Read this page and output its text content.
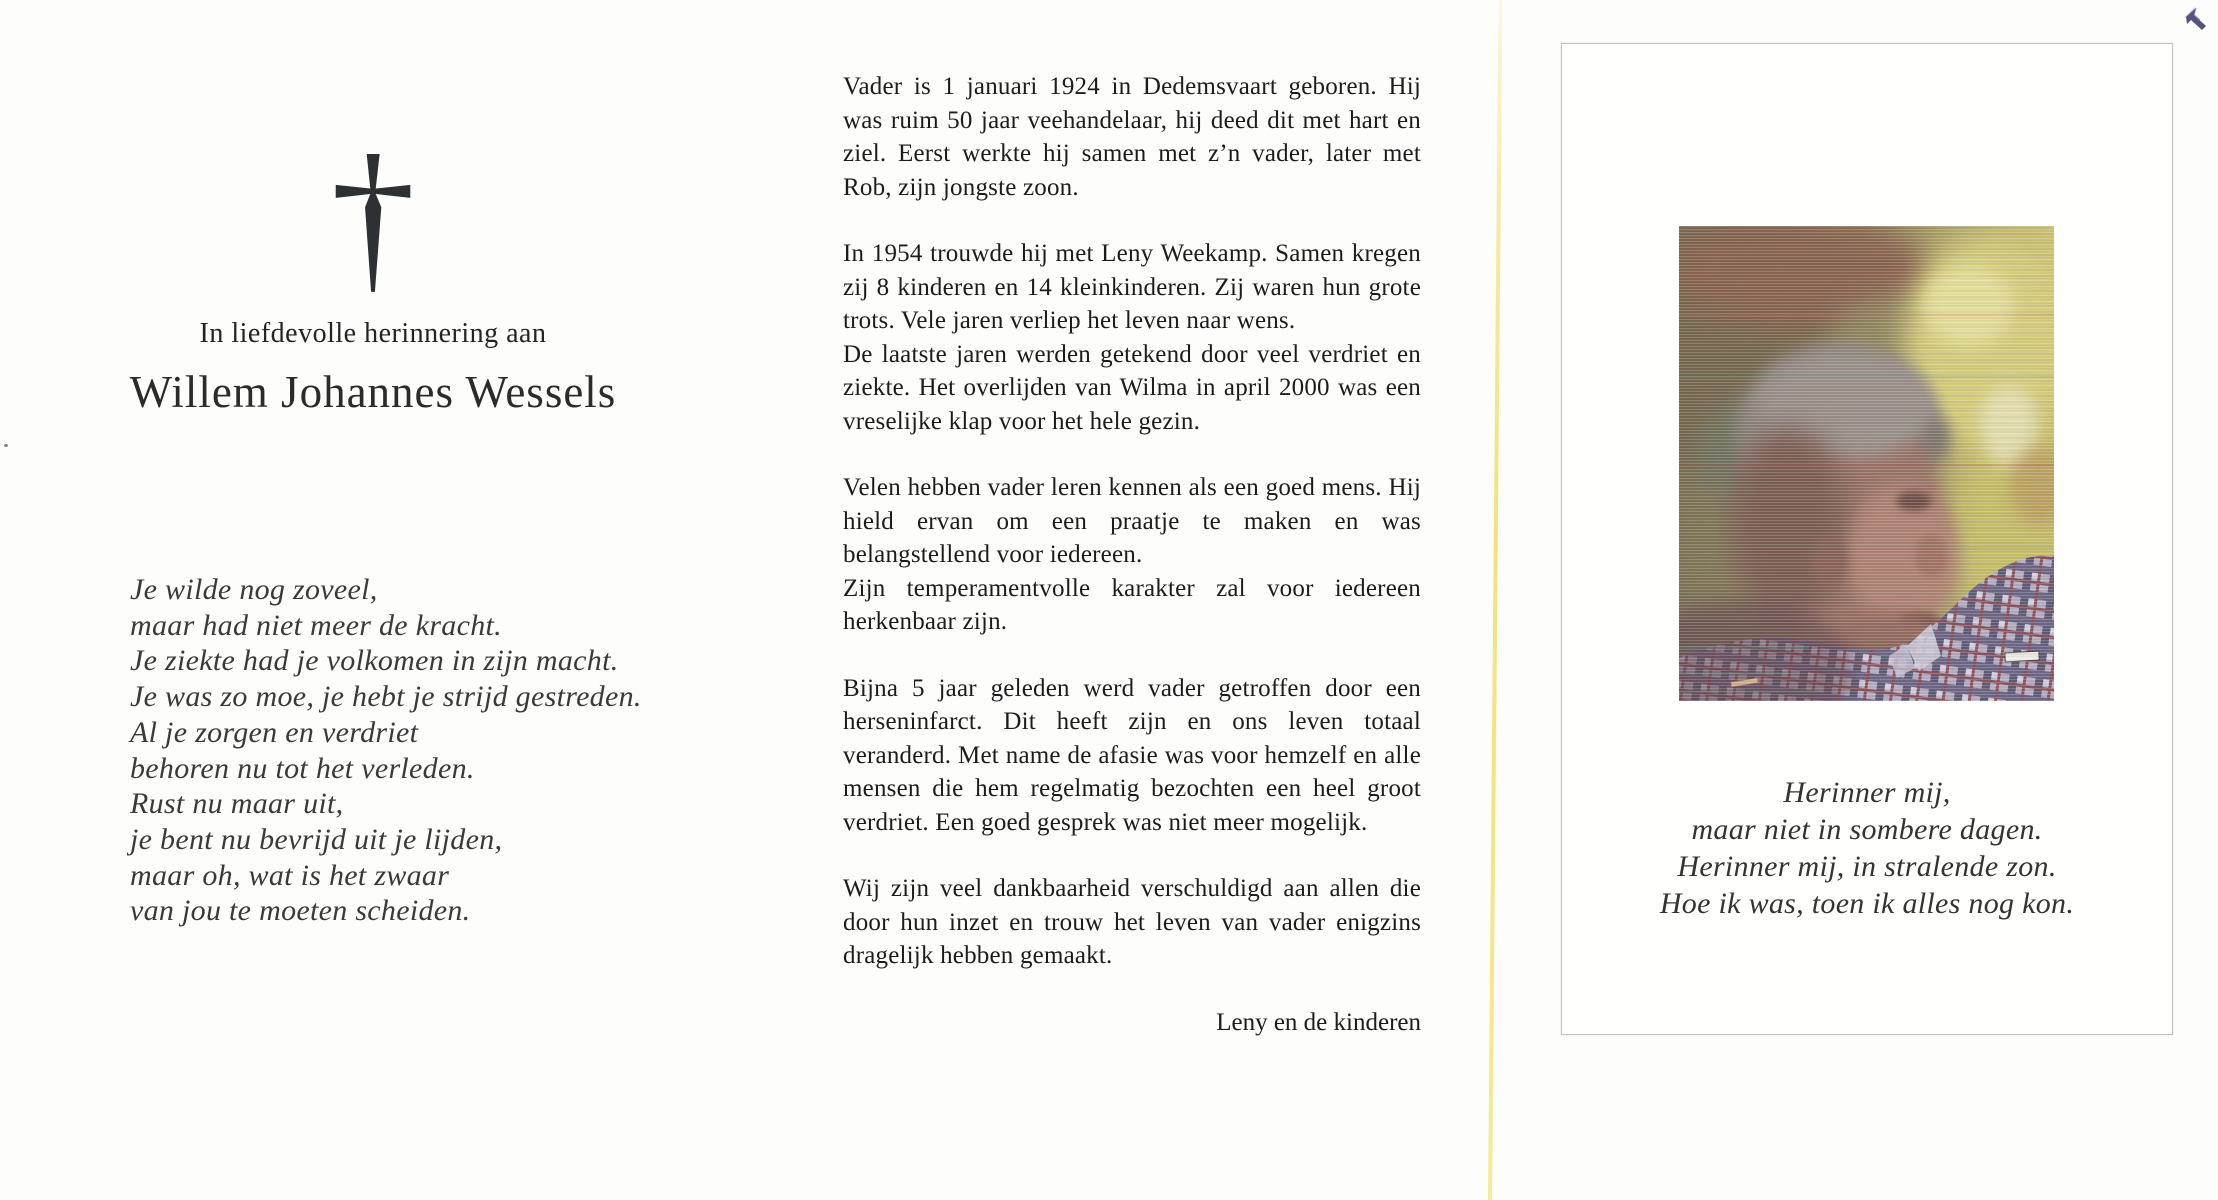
†
In liefdevolle herinnering aan
Willem Johannes Wessels
Je wilde nog zoveel,
maar had niet meer de kracht.
Je ziekte had je volkomen in zijn macht.
Je was zo moe, je hebt je strijd gestreden.
Al je zorgen en verdriet
behoren nu tot het verleden.
Rust nu maar uit,
je bent nu bevrijd uit je lijden,
maar oh, wat is het zwaar
van jou te moeten scheiden.
Vader is 1 januari 1924 in Dedemsvaart geboren. Hij was ruim 50 jaar veehandelaar, hij deed dit met hart en ziel. Eerst werkte hij samen met z’n vader, later met Rob, zijn jongste zoon.
In 1954 trouwde hij met Leny Weekamp. Samen kregen zij 8 kinderen en 14 kleinkinderen. Zij waren hun grote trots. Vele jaren verliep het leven naar wens.
De laatste jaren werden getekend door veel verdriet en ziekte. Het overlijden van Wilma in april 2000 was een vreselijke klap voor het hele gezin.
Velen hebben vader leren kennen als een goed mens. Hij hield ervan om een praatje te maken en was belangstellend voor iedereen.
Zijn temperamentvolle karakter zal voor iedereen herkenbaar zijn.
Bijna 5 jaar geleden werd vader getroffen door een herseninfarct. Dit heeft zijn en ons leven totaal veranderd. Met name de afasie was voor hemzelf en alle mensen die hem regelmatig bezochten een heel groot verdriet. Een goed gesprek was niet meer mogelijk.
Wij zijn veel dankbaarheid verschuldigd aan allen die door hun inzet en trouw het leven van vader enigzins dragelijk hebben gemaakt.
Leny en de kinderen
Herinner mij,
maar niet in sombere dagen.
Herinner mij, in stralende zon.
Hoe ik was, toen ik alles nog kon.
